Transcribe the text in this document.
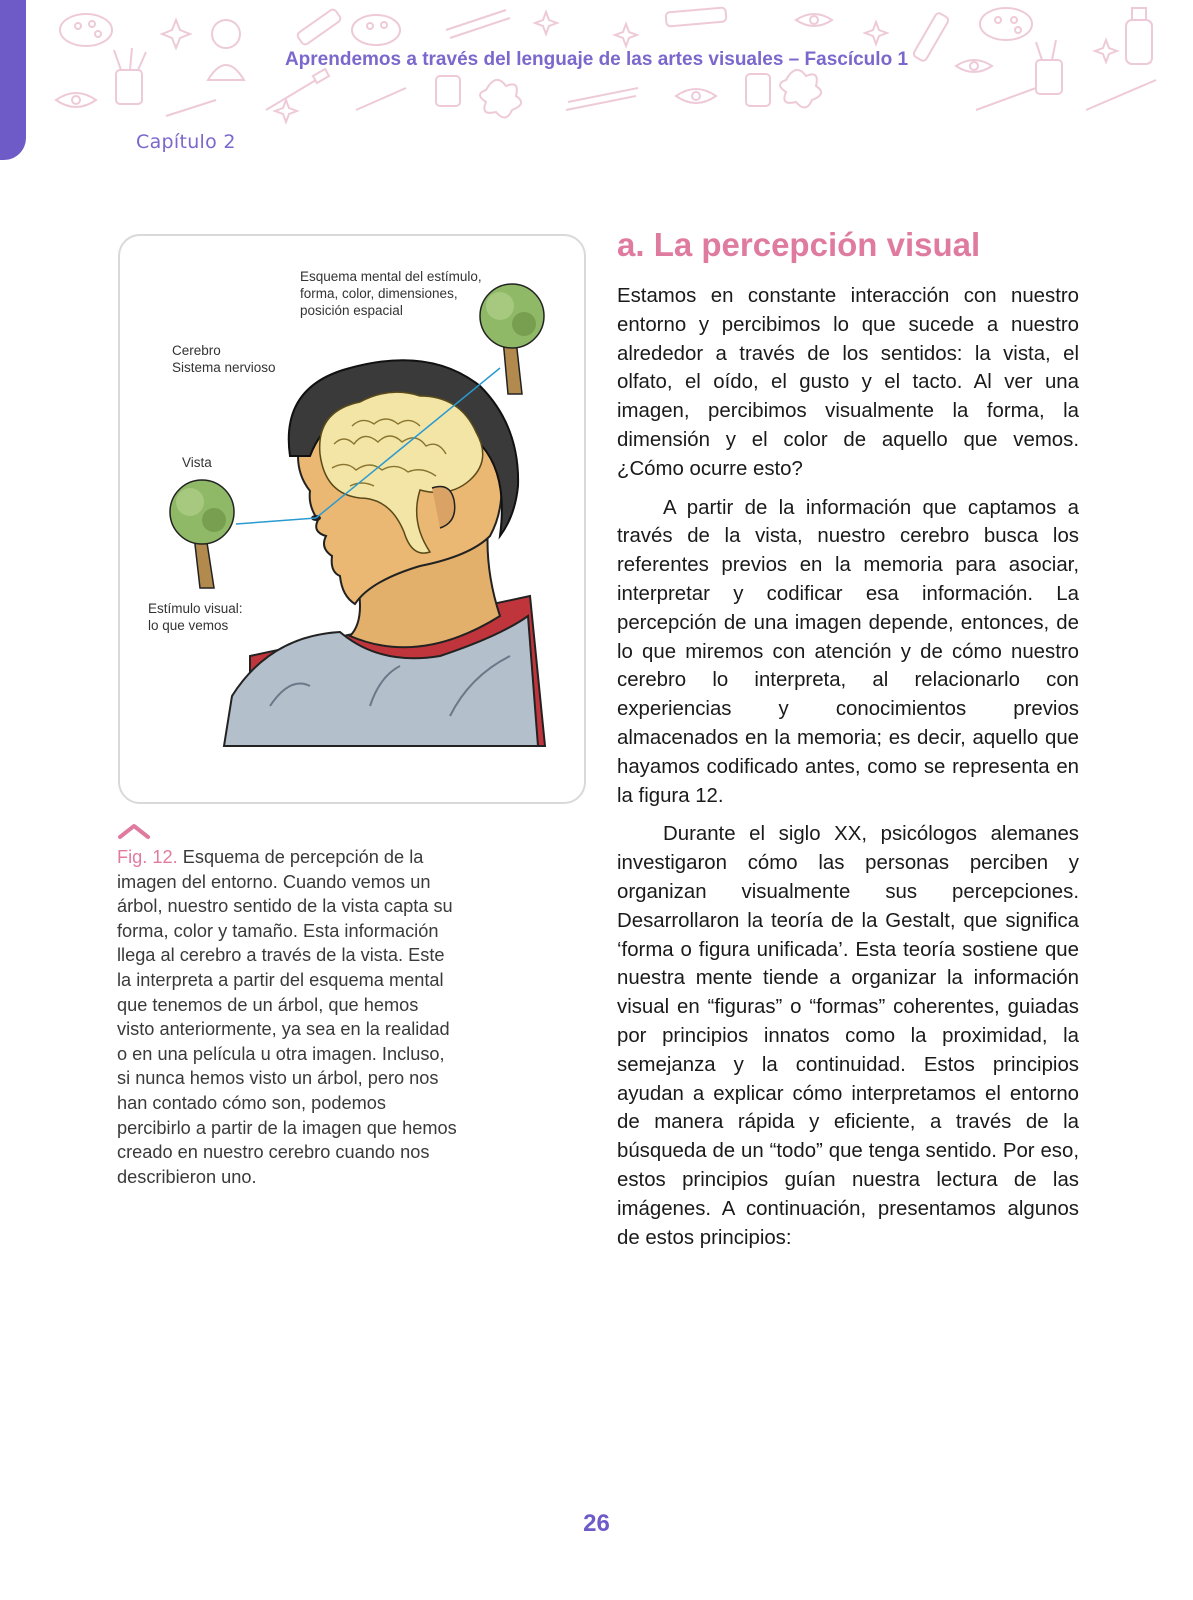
Aprendemos a través del lenguaje de las artes visuales – Fascículo 1
Capítulo 2
Esquema mental del estímulo,
forma, color, dimensiones,
posición espacial
Cerebro
Sistema nervioso
Vista
Estímulo visual:
lo que vemos
Fig. 12. Esquema de percepción de la imagen del entorno. Cuando vemos un árbol, nuestro sentido de la vista capta su forma, color y tamaño. Esta información llega al cerebro a través de la vista. Este la interpreta a partir del esquema mental que tenemos de un árbol, que hemos visto anteriormente, ya sea en la realidad o en una película u otra imagen. Incluso, si nunca hemos visto un árbol, pero nos han contado cómo son, podemos percibirlo a partir de la imagen que hemos creado en nuestro cerebro cuando nos describieron uno.
a. La percepción visual

Estamos en constante interacción con nuestro entorno y percibimos lo que sucede a nuestro alrededor a través de los sentidos: la vista, el olfato, el oído, el gusto y el tacto. Al ver una imagen, percibimos visualmente la forma, la dimensión y el color de aquello que vemos. ¿Cómo ocurre esto?

A partir de la información que captamos a través de la vista, nuestro cerebro busca los referentes previos en la memoria para asociar, interpretar y codificar esa información. La percepción de una imagen depende, entonces, de lo que miremos con atención y de cómo nuestro cerebro lo interpreta, al relacionarlo con experiencias y conocimientos previos almacenados en la memoria; es decir, aquello que hayamos codificado antes, como se representa en la figura 12.

Durante el siglo XX, psicólogos alemanes investigaron cómo las personas perciben y organizan visualmente sus percepciones. Desarrollaron la teoría de la Gestalt, que significa ‘forma o figura unificada’. Esta teoría sostiene que nuestra mente tiende a organizar la información visual en “figuras” o “formas” coherentes, guiadas por principios innatos como la proximidad, la semejanza y la continuidad. Estos principios ayudan a explicar cómo interpretamos el entorno de manera rápida y eficiente, a través de la búsqueda de un “todo” que tenga sentido. Por eso, estos principios guían nuestra lectura de las imágenes. A continuación, presentamos algunos de estos principios:

26
